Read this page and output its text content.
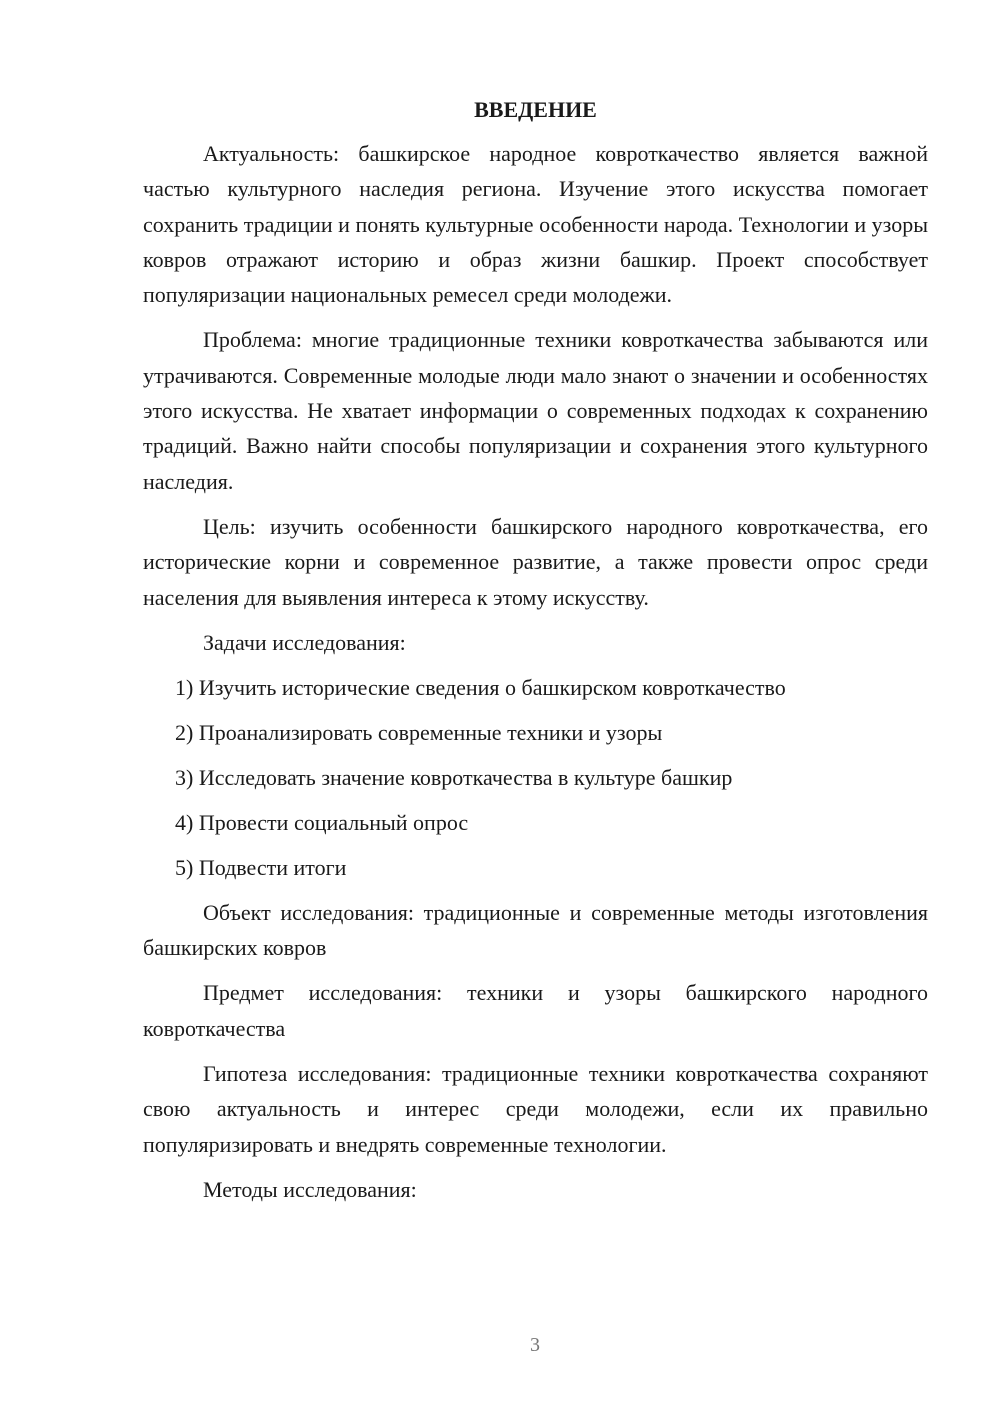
ВВЕДЕНИЕ

Актуальность: башкирское народное ковроткачество является важной частью культурного наследия региона. Изучение этого искусства помогает сохранить традиции и понять культурные особенности народа. Технологии и узоры ковров отражают историю и образ жизни башкир. Проект способствует популяризации национальных ремесел среди молодежи.

Проблема: многие традиционные техники ковроткачества забываются или утрачиваются. Современные молодые люди мало знают о значении и особенностях этого искусства. Не хватает информации о современных подходах к сохранению традиций. Важно найти способы популяризации и сохранения этого культурного наследия.

Цель: изучить особенности башкирского народного ковроткачества, его исторические корни и современное развитие, а также провести опрос среди населения для выявления интереса к этому искусству.

Задачи исследования:

1) Изучить исторические сведения о башкирском ковроткачество
2) Проанализировать современные техники и узоры
3) Исследовать значение ковроткачества в культуре башкир
4) Провести социальный опрос
5) Подвести итоги

Объект исследования: традиционные и современные методы изготовления башкирских ковров

Предмет исследования: техники и узоры башкирского народного ковроткачества

Гипотеза исследования: традиционные техники ковроткачества сохраняют свою актуальность и интерес среди молодежи, если их правильно популяризировать и внедрять современные технологии.

Методы исследования:

3
